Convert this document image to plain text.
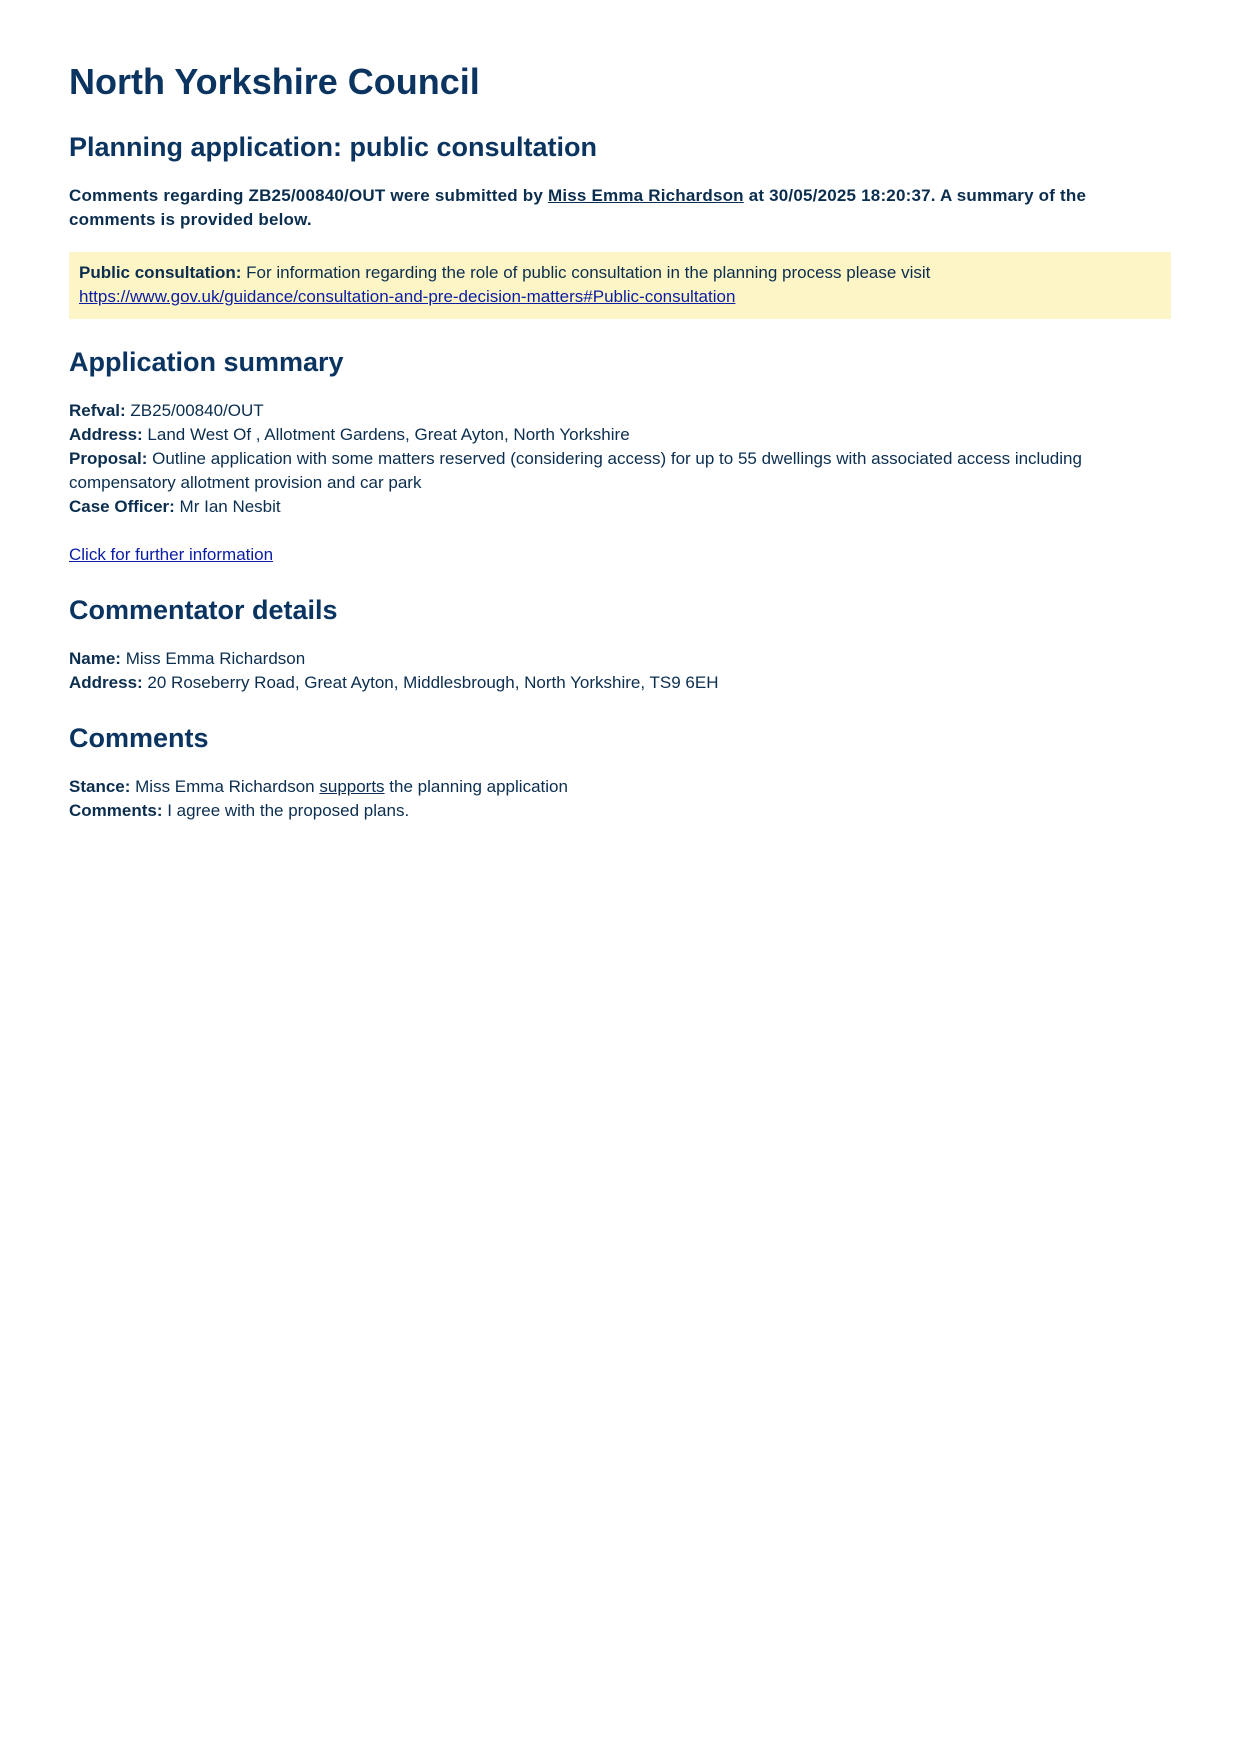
North Yorkshire Council
Planning application: public consultation
Comments regarding ZB25/00840/OUT were submitted by Miss Emma Richardson at 30/05/2025 18:20:37. A summary of the comments is provided below.
Public consultation: For information regarding the role of public consultation in the planning process please visit
https://www.gov.uk/guidance/consultation-and-pre-decision-matters#Public-consultation
Application summary
Refval: ZB25/00840/OUT
Address: Land West Of , Allotment Gardens, Great Ayton, North Yorkshire
Proposal: Outline application with some matters reserved (considering access) for up to 55 dwellings with associated access including compensatory allotment provision and car park
Case Officer: Mr Ian Nesbit
Click for further information
Commentator details
Name: Miss Emma Richardson
Address: 20 Roseberry Road, Great Ayton, Middlesbrough, North Yorkshire, TS9 6EH
Comments
Stance: Miss Emma Richardson supports the planning application
Comments: I agree with the proposed plans.
